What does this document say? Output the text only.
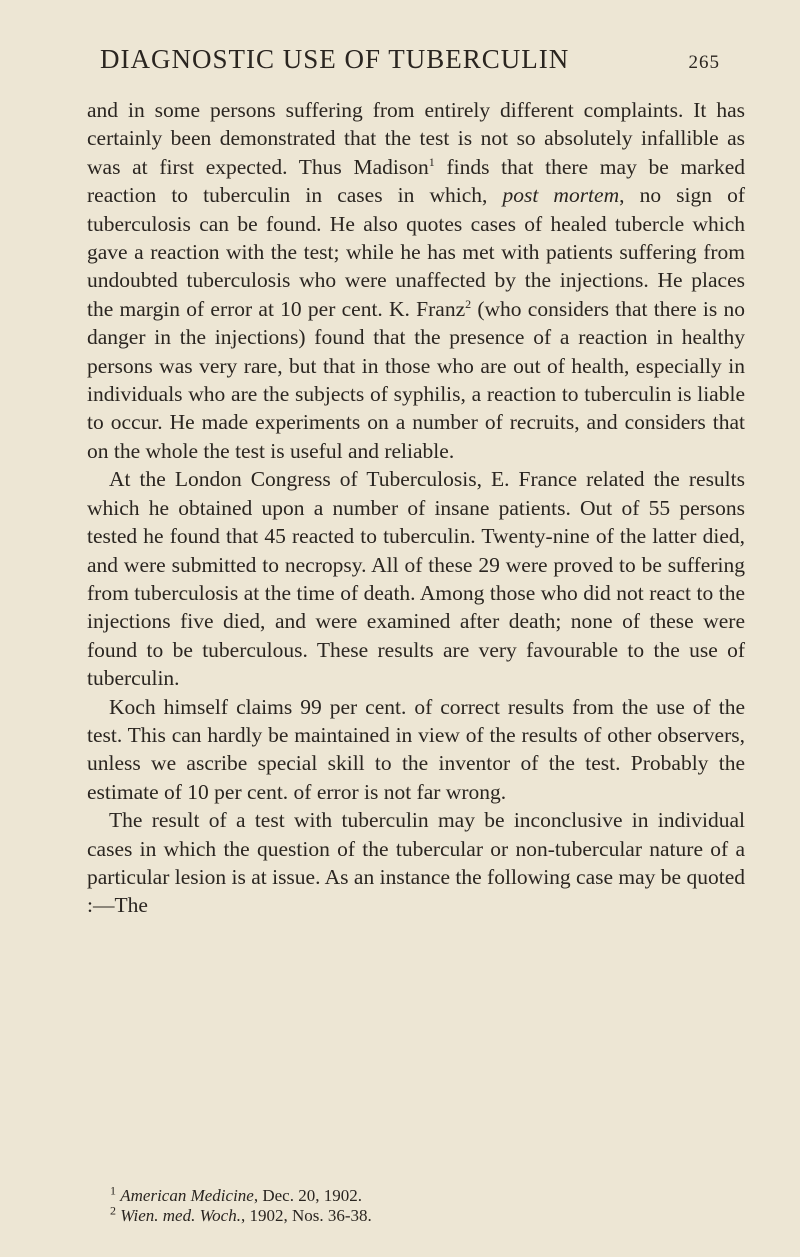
DIAGNOSTIC USE OF TUBERCULIN	265

and in some persons suffering from entirely different complaints. It has certainly been demonstrated that the test is not so absolutely infallible as was at first expected. Thus Madison$^1$ finds that there may be marked reaction to tuberculin in cases in which, post mortem, no sign of tuberculosis can be found. He also quotes cases of healed tubercle which gave a reaction with the test; while he has met with patients suffering from undoubted tuberculosis who were unaffected by the injections. He places the margin of error at 10 per cent. K. Franz$^2$ (who considers that there is no danger in the injections) found that the presence of a reaction in healthy persons was very rare, but that in those who are out of health, especially in individuals who are the subjects of syphilis, a reaction to tuberculin is liable to occur. He made experiments on a number of recruits, and considers that on the whole the test is useful and reliable.

At the London Congress of Tuberculosis, E. France related the results which he obtained upon a number of insane patients. Out of 55 persons tested he found that 45 reacted to tuberculin. Twenty-nine of the latter died, and were submitted to necropsy. All of these 29 were proved to be suffering from tuberculosis at the time of death. Among those who did not react to the injections five died, and were examined after death; none of these were found to be tuberculous. These results are very favourable to the use of tuberculin.

Koch himself claims 99 per cent. of correct results from the use of the test. This can hardly be maintained in view of the results of other observers, unless we ascribe special skill to the inventor of the test. Probably the estimate of 10 per cent. of error is not far wrong.

The result of a test with tuberculin may be inconclusive in individual cases in which the question of the tubercular or non-tubercular nature of a particular lesion is at issue. As an instance the following case may be quoted :—The

$^1$ American Medicine, Dec. 20, 1902.

$^2$ Wien. med. Woch., 1902, Nos. 36-38.
